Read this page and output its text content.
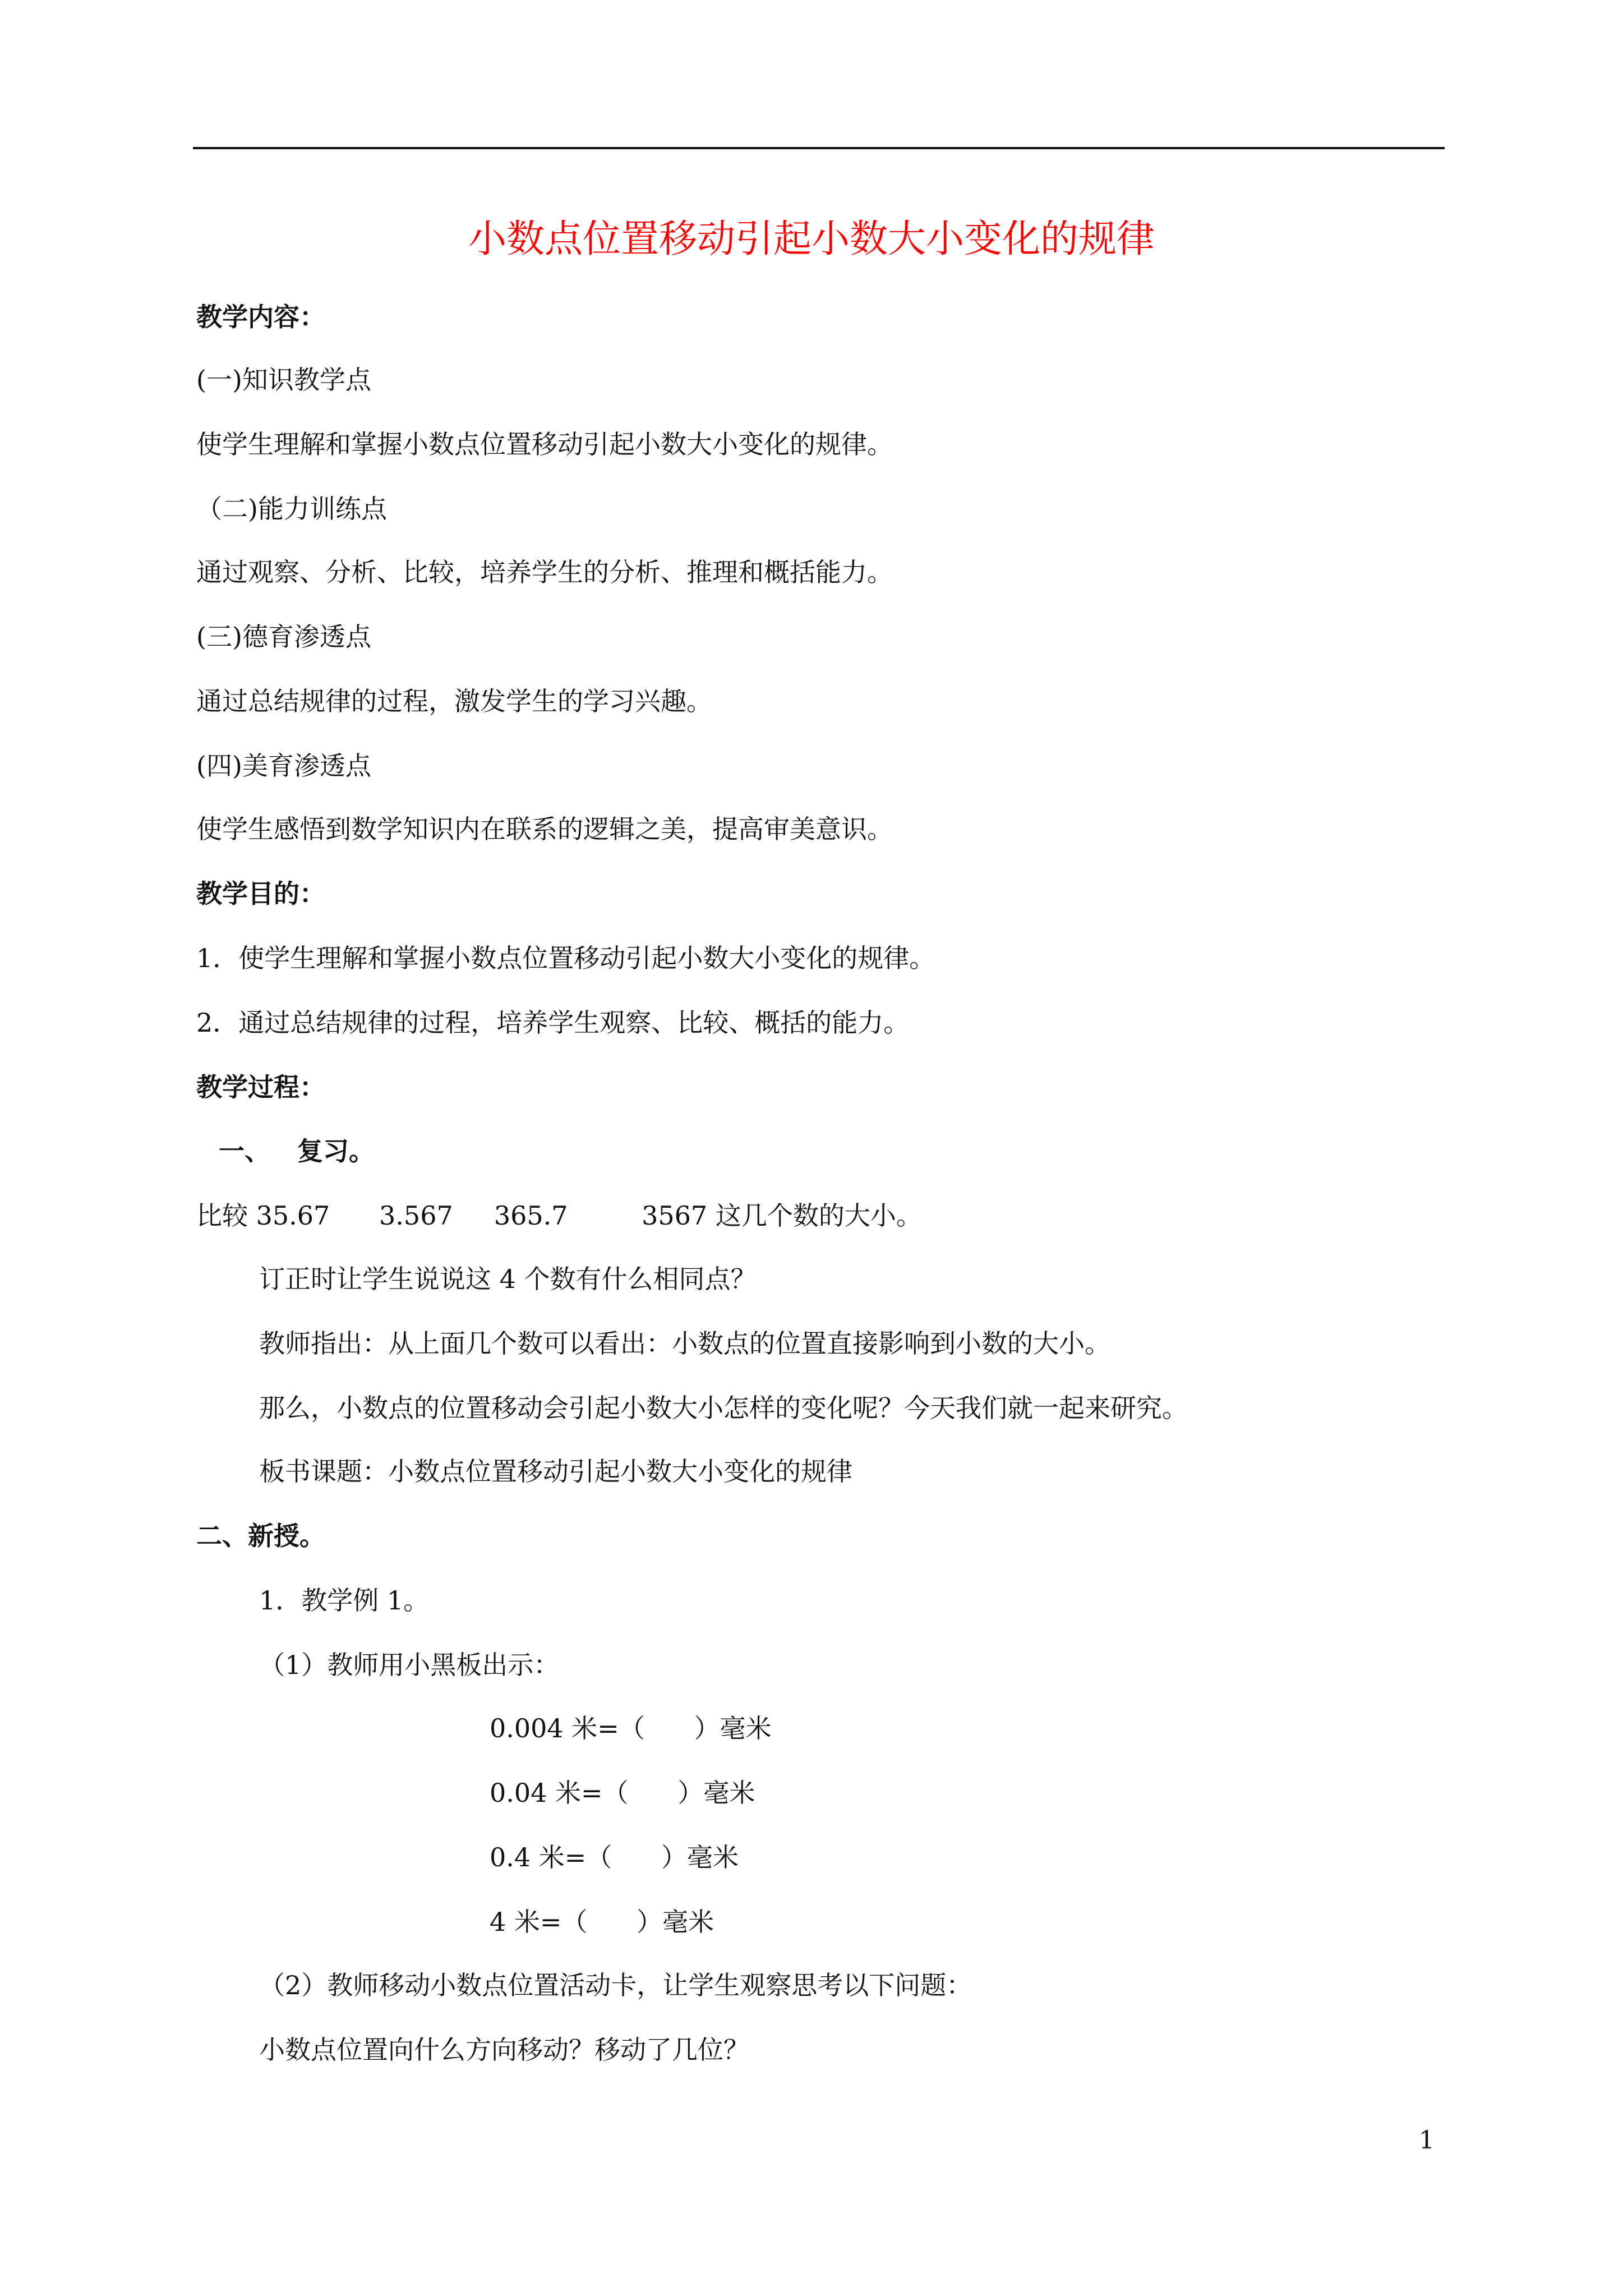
小数点位置移动引起小数大小变化的规律
教学内容：
(一)知识教学点
使学生理解和掌握小数点位置移动引起小数大小变化的规律。
（二)能力训练点
通过观察、分析、比较，培养学生的分析、推理和概括能力。
(三)德育渗透点
通过总结规律的过程，激发学生的学习兴趣。
(四)美育渗透点
使学生感悟到数学知识内在联系的逻辑之美，提高审美意识。
教学目的：
1．使学生理解和掌握小数点位置移动引起小数大小变化的规律。
2．通过总结规律的过程，培养学生观察、比较、概括的能力。
教学过程：
一、   复习。
比较 35.67      3.567     365.7         3567 这几个数的大小。
订正时让学生说说这 4 个数有什么相同点？
教师指出：从上面几个数可以看出：小数点的位置直接影响到小数的大小。
那么，小数点的位置移动会引起小数大小怎样的变化呢？今天我们就一起来研究。
板书课题：小数点位置移动引起小数大小变化的规律
二、新授。
1．教学例 1。
（1）教师用小黑板出示：
0.004 米=（      ）毫米
0.04 米=（      ）毫米
0.4 米=（      ）毫米
4 米=（      ）毫米
（2）教师移动小数点位置活动卡，让学生观察思考以下问题：
小数点位置向什么方向移动？移动了几位？
1
